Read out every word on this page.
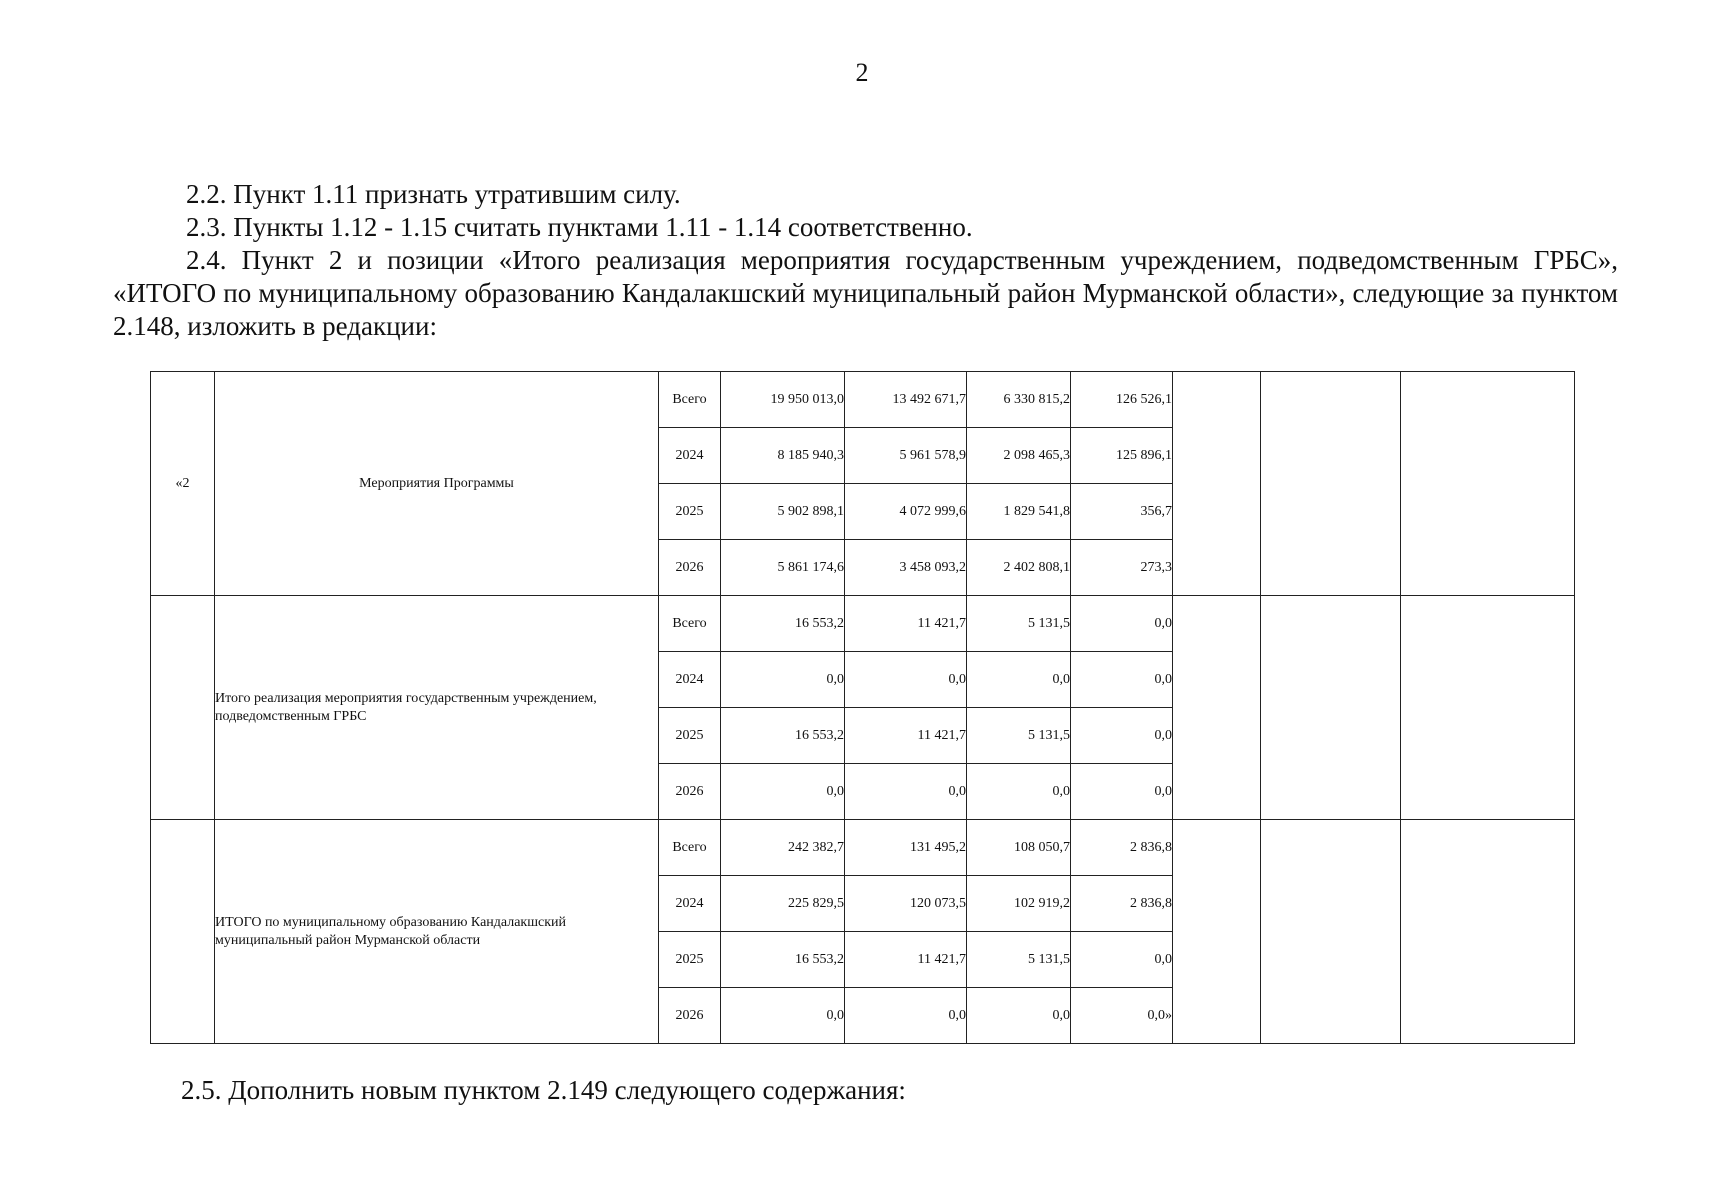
2

2.2. Пункт 1.11 признать утратившим силу.

2.3. Пункты 1.12 - 1.15 считать пунктами 1.11 - 1.14 соответственно.

2.4. Пункт 2 и позиции «Итого реализация мероприятия государственным учреждением, подведомственным ГРБС», «ИТОГО по муниципальному образованию Кандалакшский муниципальный район Мурманской области», следующие за пунктом 2.148, изложить в редакции:

«2	Мероприятия Программы	Всего	19 950 013,0	13 492 671,7	6 330 815,2	126 526,1			
		2024	8 185 940,3	5 961 578,9	2 098 465,3	125 896,1			
		2025	5 902 898,1	4 072 999,6	1 829 541,8	356,7			
		2026	5 861 174,6	3 458 093,2	2 402 808,1	273,3			
	Итого реализация мероприятия государственным учреждением, подведомственным ГРБС	Всего	16 553,2	11 421,7	5 131,5	0,0			
		2024	0,0	0,0	0,0	0,0			
		2025	16 553,2	11 421,7	5 131,5	0,0			
		2026	0,0	0,0	0,0	0,0			
	ИТОГО по муниципальному образованию Кандалакшский муниципальный район Мурманской области	Всего	242 382,7	131 495,2	108 050,7	2 836,8			
		2024	225 829,5	120 073,5	102 919,2	2 836,8			
		2025	16 553,2	11 421,7	5 131,5	0,0			
		2026	0,0	0,0	0,0	0,0»			

2.5. Дополнить новым пунктом 2.149 следующего содержания:
